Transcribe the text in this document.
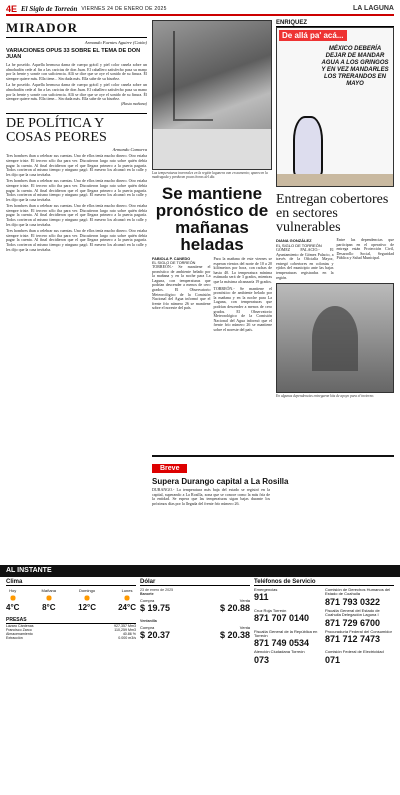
4E El Siglo de Torreón VIERNES 24 DE ENERO DE 2025	LA LAGUNA
MIRADOR
Armando Fuentes Aguirre (Catón)
VARIACIONES OPUS 33 SOBRE EL TEMA DE DON JUAN

La he poseído. Aquella hermosa dama de cuerpo grácil y piel color canela sobre un almohadón cede al fin a las caricias de don Juan. El caballero satisfecho pasa su mano por la frente y sonríe con suficiencia. Allí se dice que se oye el sonido de su finura. Él siempre quiere más. Ella tiene... Sin duda más. Ella sabe de su bisoñez.

La he poseído. Aquella hermosa dama de cuerpo grácil y piel color canela sobre un almohadón cede al fin a las caricias de don Juan. El caballero satisfecho pasa su mano por la frente y sonríe con suficiencia. Allí se dice que se oye el sonido de su finura. Él siempre quiere más. Ella tiene... Sin duda más. Ella sabe de su bisoñez.

(Hasta mañana)

DE POLÍTICA Y COSAS PEORES
Armando Camorra

Tres hombres iban a celebrar sus cuentas. Uno de ellos tenía mucho dinero. Otro estaba siempre triste. El tercero sólo iba para ver. Discutieron largo rato sobre quién debía pagar la cuenta. Al final decidieron que el que llegara primero a la puerta pagaría. Todos corrieron al mismo tiempo y ninguno pagó. El mesero los alcanzó en la calle y les dijo que la casa invitaba.

Tres hombres iban a celebrar sus cuentas. Uno de ellos tenía mucho dinero. Otro estaba siempre triste. El tercero sólo iba para ver. Discutieron largo rato sobre quién debía pagar la cuenta. Al final decidieron que el que llegara primero a la puerta pagaría. Todos corrieron al mismo tiempo y ninguno pagó. El mesero los alcanzó en la calle y les dijo que la casa invitaba.

Tres hombres iban a celebrar sus cuentas. Uno de ellos tenía mucho dinero. Otro estaba siempre triste. El tercero sólo iba para ver. Discutieron largo rato sobre quién debía pagar la cuenta. Al final decidieron que el que llegara primero a la puerta pagaría. Todos corrieron al mismo tiempo y ninguno pagó. El mesero los alcanzó en la calle y les dijo que la casa invitaba.

Tres hombres iban a celebrar sus cuentas. Uno de ellos tenía mucho dinero. Otro estaba siempre triste. El tercero sólo iba para ver. Discutieron largo rato sobre quién debía pagar la cuenta. Al final decidieron que el que llegara primero a la puerta pagaría. Todos corrieron al mismo tiempo y ninguno pagó. El mesero los alcanzó en la calle y les dijo que la casa invitaba.

Las temperaturas invernales en la región lagunera van en aumento; aparecen la madrugada y perduran pocas horas del día.
Se mantiene pronóstico de mañanas heladas
FABIOLA P. CANEDO
EL SIGLO DE TORREÓN

TORREÓN.- Se mantiene el pronóstico de ambiente helado por la mañana y en la noche para La Laguna, con temperaturas que podrían descender a menos de cero grados. El Observatorio Meteorológico de la Comisión Nacional del Agua informó que el frente frío número 26 se mantiene sobre el noreste del país.

Para la mañana de este viernes se esperan vientos del norte de 10 a 20 kilómetros por hora, con rachas de hasta 40. La temperatura mínima estimada será de 3 grados, mientras que la máxima alcanzaría 19 grados.

TORREÓN.- Se mantiene el pronóstico de ambiente helado por la mañana y en la noche para La Laguna, con temperaturas que podrían descender a menos de cero grados. El Observatorio Meteorológico de la Comisión Nacional del Agua informó que el frente frío número 26 se mantiene sobre el noreste del país.

ENRIQUEZ
De allá pa' acá...
MÉXICO DEBERÍA DEJAR DE MANDAR AGUA A LOS GRINGOS Y EN VEZ MANDARLES LOS TRERANDOS EN MAYO
Entregan cobertores en sectores vulnerables
DIANA GONZÁLEZ
EL SIGLO DE TORREÓN

GÓMEZ PALACIO.- El Ayuntamiento de Gómez Palacio, a través de la Oficialía Mayor, entregó cobertores en colonias y ejidos del municipio ante las bajas temperaturas registradas en la región.

Entre las dependencias que participan en el operativo de entrega están Protección Civil, Desarrollo Social, Seguridad Pública y Salud Municipal.

En algunas dependencias entregaron kits de apoyo para el invierno.
Breve
Supera Durango capital a La Rosilla

DURANGO.- La temperatura más baja del estado se registró en la capital, superando a La Rosilla, zona que se conoce como la más fría de la entidad. Se espera que las temperaturas sigan bajas durante los próximos días por la llegada del frente frío número 26.

AL INSTANTE
Clima
Hoy
4°C
Mañana
8°C
Domingo
12°C
Lunes
24°C
PRESAS
Lázaro Cárdenas	927,357 Mm3
Francisco Zarco	110,259 Mm3
Almacenamiento	40.86 %
Extracción	0.000 m3/s
Dólar
23 de enero de 2025
Banorte
Compra	Venta
$ 19.75	$ 20.88
Ventanilla
Compra	Venta
$ 20.37	$ 20.38
Teléfonos de Servicio
Emergencias
911
Comisión de Derechos Humanos del Estado de Coahuila
871 793 0322
Cruz Roja Torreón
871 707 0140
Fiscalía General del Estado de Coahuila Delegación Laguna I
871 729 6700
Fiscalía General de la República en Torreón
871 749 0534
Procuraduría Federal del Consumidor
871 712 7473
Atención Ciudadana Torreón
073
Comisión Federal de Electricidad
071
